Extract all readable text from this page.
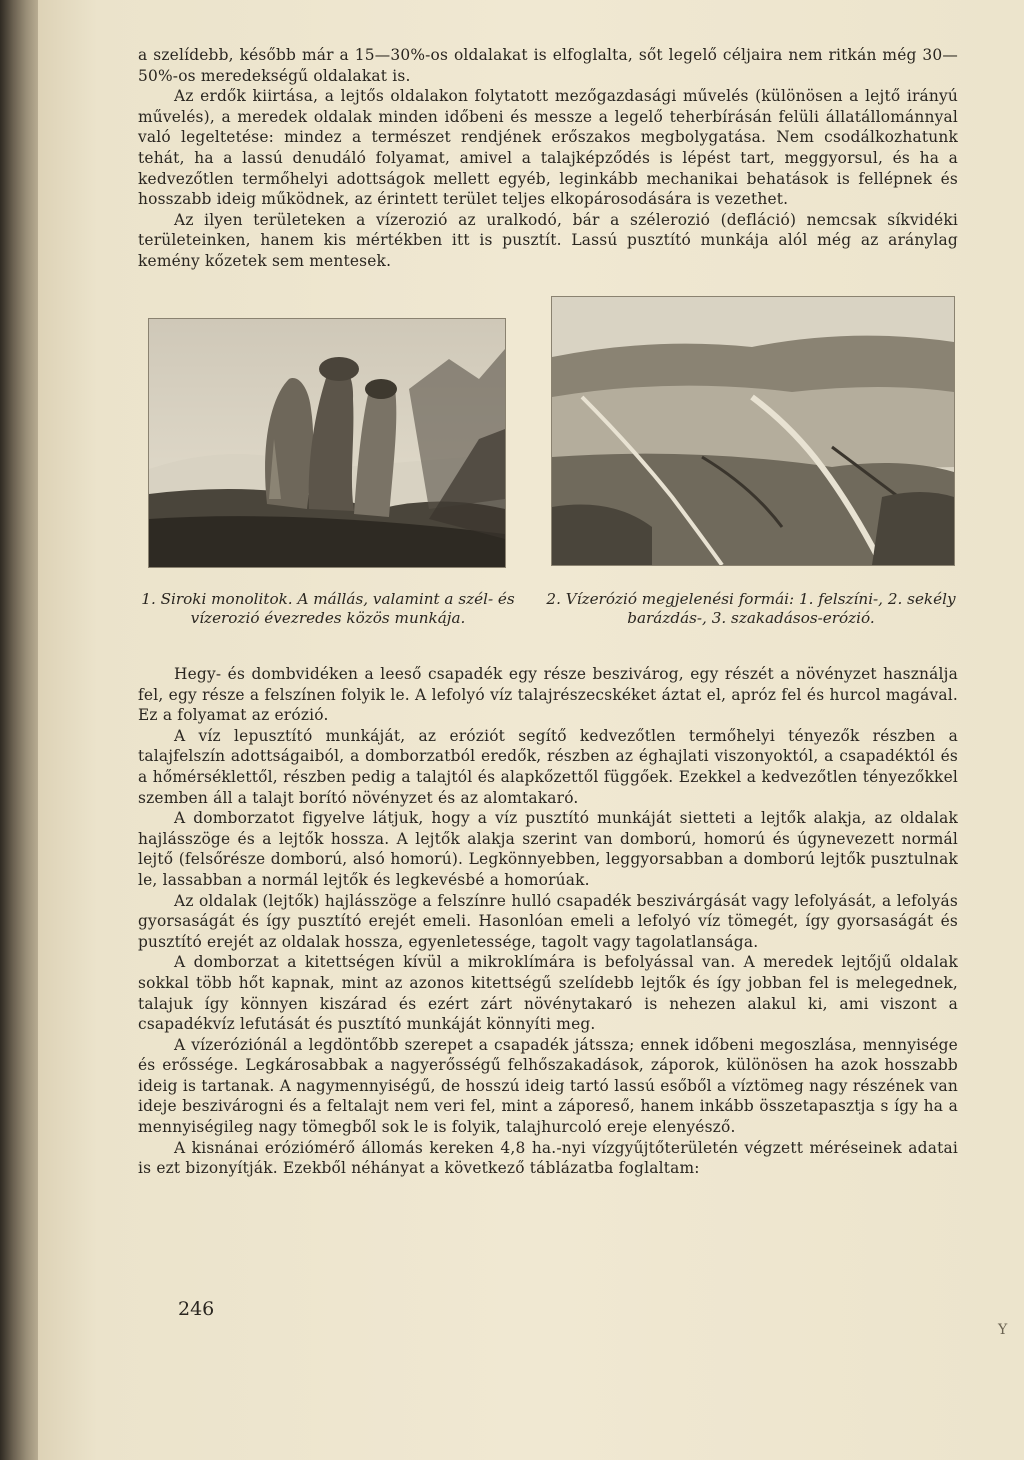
a szelídebb, később már a 15—30%-os oldalakat is elfoglalta, sőt legelő céljaira nem ritkán még 30—50%-os meredekségű oldalakat is.

Az erdők kiirtása, a lejtős oldalakon folytatott mezőgazdasági művelés (különösen a lejtő irányú művelés), a meredek oldalak minden időbeni és messze a legelő teherbírásán felüli állatállománnyal való legeltetése: mindez a természet rendjének erőszakos megbolygatása. Nem csodálkozhatunk tehát, ha a lassú denudáló folyamat, amivel a talajképződés is lépést tart, meggyorsul, és ha a kedvezőtlen termőhelyi adottságok mellett egyéb, leginkább mechanikai behatások is fellépnek és hosszabb ideig működnek, az érintett terület teljes elkopárosodására is vezethet.

Az ilyen területeken a vízerozió az uralkodó, bár a szélerozió (defláció) nemcsak síkvidéki területeinken, hanem kis mértékben itt is pusztít. Lassú pusztító munkája alól még az aránylag kemény kőzetek sem mentesek.

1. Siroki monolitok. A mállás, valamint a szél- és vízerozió évezredes közös munkája.
2. Vízerózió megjelenési formái: 1. felszíni-, 2. sekély barázdás-, 3. szakadásos-erózió.

Hegy- és dombvidéken a leeső csapadék egy része beszivárog, egy részét a növényzet használja fel, egy része a felszínen folyik le. A lefolyó víz talajrészecskéket áztat el, apróz fel és hurcol magával. Ez a folyamat az erózió.

A víz lepusztító munkáját, az eróziót segítő kedvezőtlen termőhelyi tényezők részben a talajfelszín adottságaiból, a domborzatból eredők, részben az éghajlati viszonyoktól, a csapadéktól és a hőmérséklettől, részben pedig a talajtól és alapkőzettől függőek. Ezekkel a kedvezőtlen tényezőkkel szemben áll a talajt borító növényzet és az alomtakaró.

A domborzatot figyelve látjuk, hogy a víz pusztító munkáját sietteti a lejtők alakja, az oldalak hajlásszöge és a lejtők hossza. A lejtők alakja szerint van domború, homorú és úgynevezett normál lejtő (felsőrésze domború, alsó homorú). Legkönnyebben, leggyorsabban a domború lejtők pusztulnak le, lassabban a normál lejtők és legkevésbé a homorúak.

Az oldalak (lejtők) hajlásszöge a felszínre hulló csapadék beszivárgását vagy lefolyását, a lefolyás gyorsaságát és így pusztító erejét emeli. Hasonlóan emeli a lefolyó víz tömegét, így gyorsaságát és pusztító erejét az oldalak hossza, egyenletessége, tagolt vagy tagolatlansága.

A domborzat a kitettségen kívül a mikroklímára is befolyással van. A meredek lejtőjű oldalak sokkal több hőt kapnak, mint az azonos kitettségű szelídebb lejtők és így jobban fel is melegednek, talajuk így könnyen kiszárad és ezért zárt növénytakaró is nehezen alakul ki, ami viszont a csapadékvíz lefutását és pusztító munkáját könnyíti meg.

A vízeróziónál a legdöntőbb szerepet a csapadék játssza; ennek időbeni megoszlása, mennyisége és erőssége. Legkárosabbak a nagyerősségű felhőszakadások, záporok, különösen ha azok hosszabb ideig is tartanak. A nagymennyiségű, de hosszú ideig tartó lassú esőből a víztömeg nagy részének van ideje beszivárogni és a feltalajt nem veri fel, mint a záporeső, hanem inkább összetapasztja s így ha a mennyiségileg nagy tömegből sok le is folyik, talajhurcoló ereje elenyésző.

A kisnánai eróziómérő állomás kereken 4,8 ha.-nyi vízgyűjtőterületén végzett méréseinek adatai is ezt bizonyítják. Ezekből néhányat a következő táblázatba foglaltam:

246
Y
